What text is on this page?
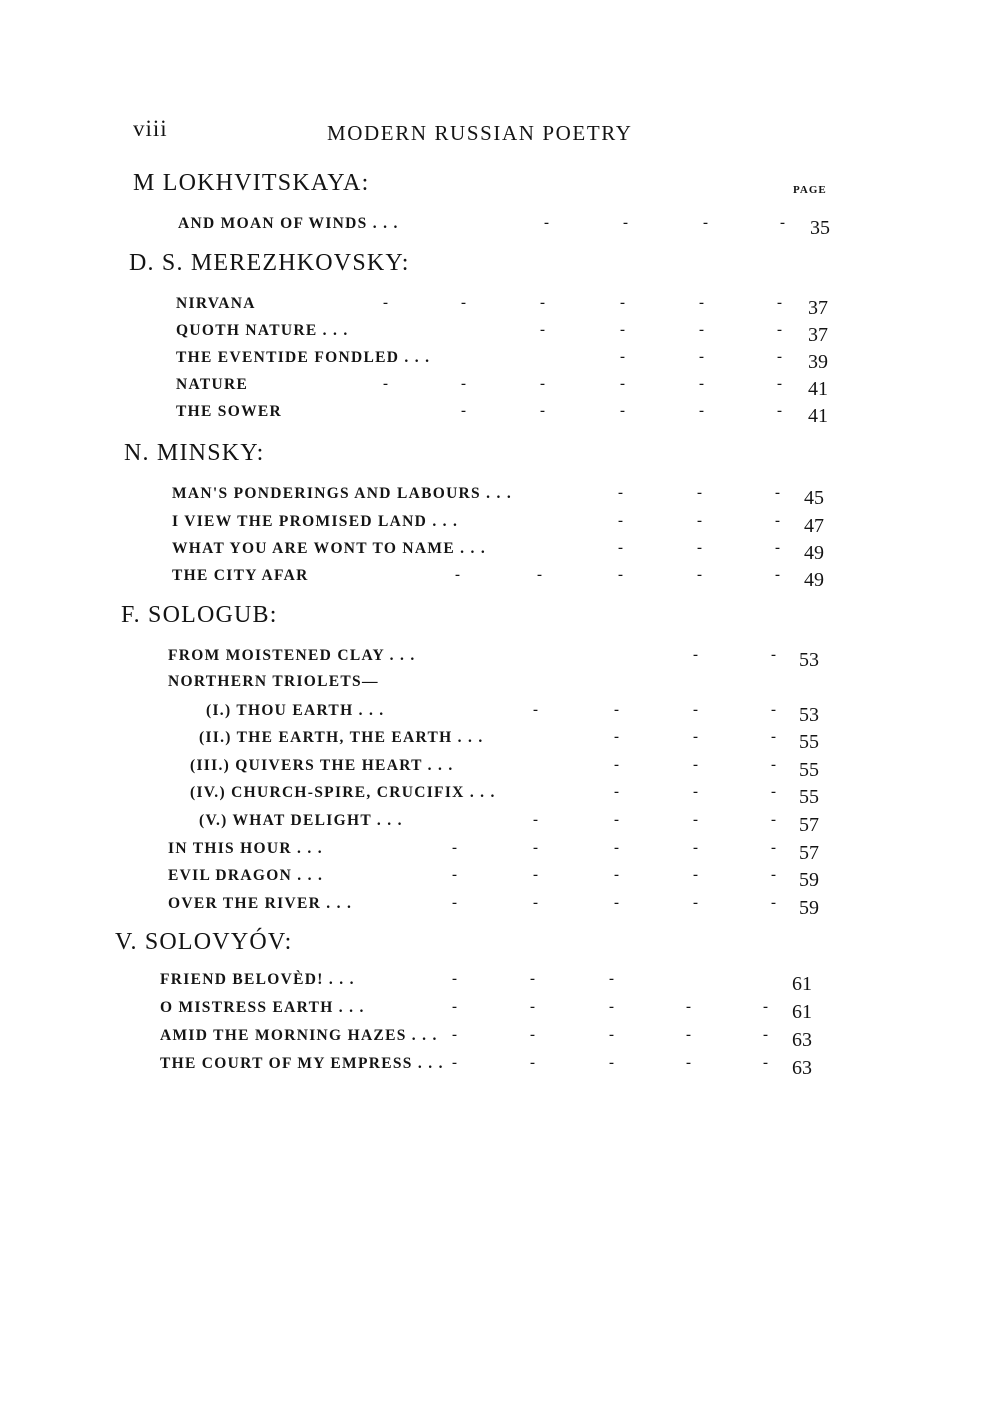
viii	MODERN RUSSIAN POETRY
PAGE
M LOKHVITSKAYA:
AND MOAN OF WINDS . . .	-	-	-	- 35
D. S. MEREZHKOVSKY:
NIRVANA	-	-	-	-	-	- 37
QUOTH NATURE . . .	-	-	-	- 37
THE EVENTIDE FONDLED . . .	-	-	- 39
NATURE	-	-	-	-	-	- 41
THE SOWER	-	-	-	-	- 41
N. MINSKY:
MAN'S PONDERINGS AND LABOURS . . .	-	-	- 45
I VIEW THE PROMISED LAND . . .	-	-	- 47
WHAT YOU ARE WONT TO NAME . . .	-	-	- 49
THE CITY AFAR	-	-	-	-	- 49
F. SOLOGUB:
FROM MOISTENED CLAY . . .	-	- 53
NORTHERN TRIOLETS—
(I.) THOU EARTH . . .	-	-	-	- 53
(II.) THE EARTH, THE EARTH . . .	-	-	- 55
(III.) QUIVERS THE HEART . . .	-	-	- 55
(IV.) CHURCH-SPIRE, CRUCIFIX . . .	-	-	- 55
(V.) WHAT DELIGHT . . .	-	-	-	- 57
IN THIS HOUR . . .	-	-	-	-	- 57
EVIL DRAGON . . .	-	-	-	-	- 59
OVER THE RIVER . . .	-	-	-	-	- 59
V. SOLOVYÓV:
FRIEND BELOVÈD! . . .	-	-	-	61
O MISTRESS EARTH . . .	-	-	-	-	- 61
AMID THE MORNING HAZES . . . -	-	-	-	- 63
THE COURT OF MY EMPRESS . . . -	-	-	-	- 63
